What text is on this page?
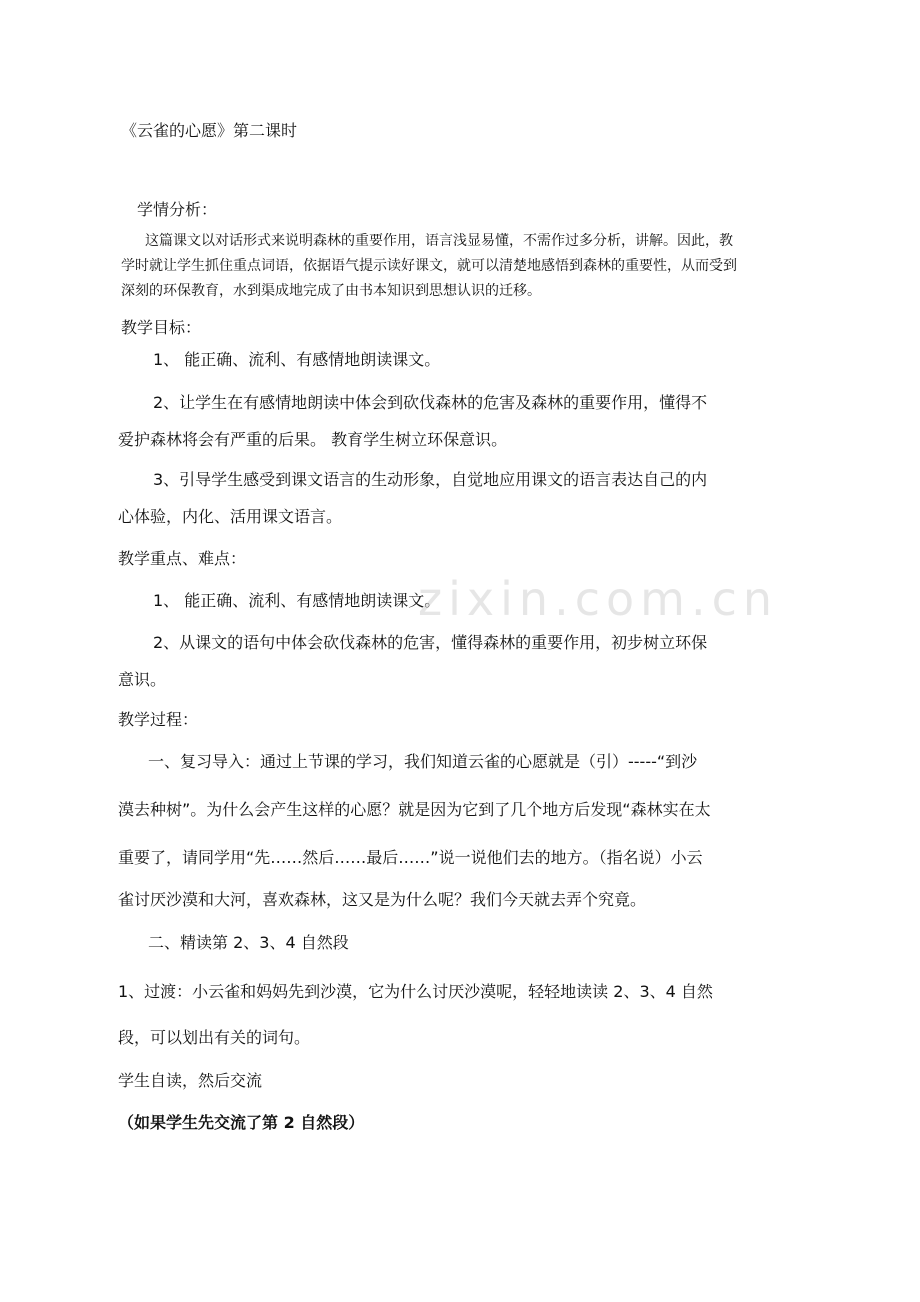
《云雀的心愿》第二课时
学情分析：
这篇课文以对话形式来说明森林的重要作用，语言浅显易懂，不需作过多分析，讲解。因此，教
学时就让学生抓住重点词语，依据语气提示读好课文，就可以清楚地感悟到森林的重要性，从而受到
深刻的环保教育，水到渠成地完成了由书本知识到思想认识的迁移。
教学目标：
1、 能正确、流利、有感情地朗读课文。
2、让学生在有感情地朗读中体会到砍伐森林的危害及森林的重要作用，懂得不
爱护森林将会有严重的后果。 教育学生树立环保意识。
3、引导学生感受到课文语言的生动形象，自觉地应用课文的语言表达自己的内
心体验，内化、活用课文语言。
教学重点、难点：
1、 能正确、流利、有感情地朗读课文。
2、从课文的语句中体会砍伐森林的危害，懂得森林的重要作用，初步树立环保
意识。
教学过程：
一、复习导入：通过上节课的学习，我们知道云雀的心愿就是（引）-----“到沙
漠去种树”。为什么会产生这样的心愿？就是因为它到了几个地方后发现“森林实在太
重要了，请同学用“先……然后……最后……”说一说他们去的地方。（指名说）小云
雀讨厌沙漠和大河，喜欢森林，这又是为什么呢？我们今天就去弄个究竟。
二、精读第 2、3、4 自然段
1、过渡：小云雀和妈妈先到沙漠，它为什么讨厌沙漠呢，轻轻地读读 2、3、4 自然
段，可以划出有关的词句。
学生自读，然后交流
（如果学生先交流了第 2 自然段）
zixin.com.cn
